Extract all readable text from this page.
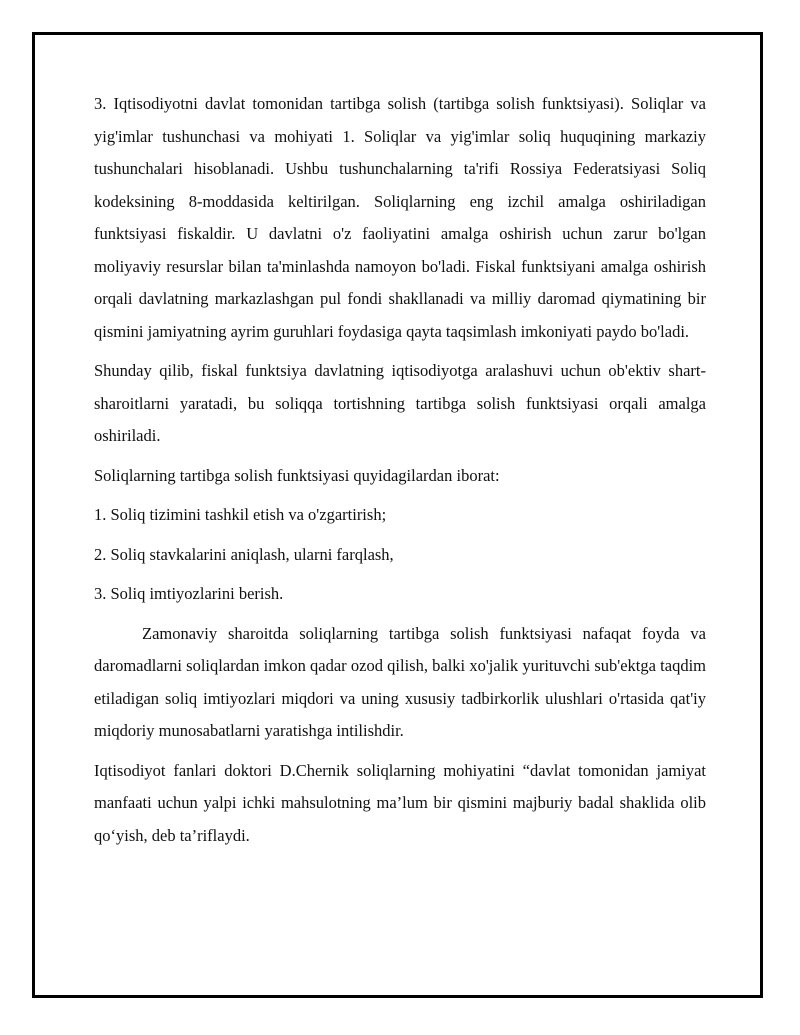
3. Iqtisodiyotni davlat tomonidan tartibga solish (tartibga solish funktsiyasi). Soliqlar va yig'imlar tushunchasi va mohiyati 1. Soliqlar va yig'imlar soliq huquqining markaziy tushunchalari hisoblanadi. Ushbu tushunchalarning ta'rifi Rossiya Federatsiyasi Soliq kodeksining 8-moddasida keltirilgan. Soliqlarning eng izchil amalga oshiriladigan funktsiyasi fiskaldir. U davlatni o'z faoliyatini amalga oshirish uchun zarur bo'lgan moliyaviy resurslar bilan ta'minlashda namoyon bo'ladi. Fiskal funktsiyani amalga oshirish orqali davlatning markazlashgan pul fondi shakllanadi va milliy daromad qiymatining bir qismini jamiyatning ayrim guruhlari foydasiga qayta taqsimlash imkoniyati paydo bo'ladi.

Shunday qilib, fiskal funktsiya davlatning iqtisodiyotga aralashuvi uchun ob'ektiv shart-sharoitlarni yaratadi, bu soliqqa tortishning tartibga solish funktsiyasi orqali amalga oshiriladi.

Soliqlarning tartibga solish funktsiyasi quyidagilardan iborat:

1. Soliq tizimini tashkil etish va o'zgartirish;

2. Soliq stavkalarini aniqlash, ularni farqlash,

3. Soliq imtiyozlarini berish.

Zamonaviy sharoitda soliqlarning tartibga solish funktsiyasi nafaqat foyda va daromadlarni soliqlardan imkon qadar ozod qilish, balki xo'jalik yurituvchi sub'ektga taqdim etiladigan soliq imtiyozlari miqdori va uning xususiy tadbirkorlik ulushlari o'rtasida qat'iy miqdoriy munosabatlarni yaratishga intilishdir.

Iqtisodiyot fanlari doktori D.Chernik soliqlarning mohiyatini “davlat tomonidan jamiyat manfaati uchun yalpi ichki mahsulotning ma’lum bir qismini majburiy badal shaklida olib qo‘yish, deb ta’riflaydi.
